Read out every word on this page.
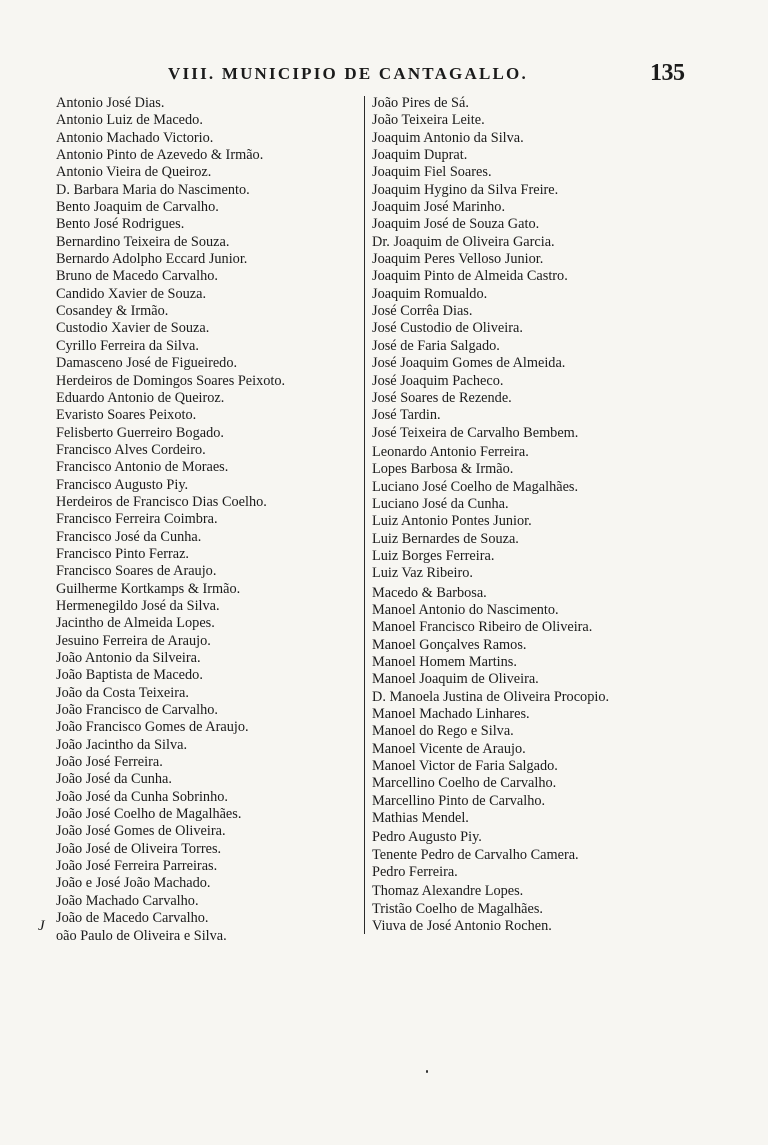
VIII. MUNICIPIO DE CANTAGALLO.	135
Antonio José Dias.
Antonio Luiz de Macedo.
Antonio Machado Victorio.
Antonio Pinto de Azevedo & Irmão.
Antonio Vieira de Queiroz.
D. Barbara Maria do Nascimento.
Bento Joaquim de Carvalho.
Bento José Rodrigues.
Bernardino Teixeira de Souza.
Bernardo Adolpho Eccard Junior.
Bruno de Macedo Carvalho.
Candido Xavier de Souza.
Cosandey & Irmão.
Custodio Xavier de Souza.
Cyrillo Ferreira da Silva.
Damasceno José de Figueiredo.
Herdeiros de Domingos Soares Peixoto.
Eduardo Antonio de Queiroz.
Evaristo Soares Peixoto.
Felisberto Guerreiro Bogado.
Francisco Alves Cordeiro.
Francisco Antonio de Moraes.
Francisco Augusto Piy.
Herdeiros de Francisco Dias Coelho.
Francisco Ferreira Coimbra.
Francisco José da Cunha.
Francisco Pinto Ferraz.
Francisco Soares de Araujo.
Guilherme Kortkamps & Irmão.
Hermenegildo José da Silva.
Jacintho de Almeida Lopes.
Jesuino Ferreira de Araujo.
João Antonio da Silveira.
João Baptista de Macedo.
João da Costa Teixeira.
João Francisco de Carvalho.
João Francisco Gomes de Araujo.
João Jacintho da Silva.
João José Ferreira.
João José da Cunha.
João José da Cunha Sobrinho.
João José Coelho de Magalhães.
João José Gomes de Oliveira.
João José de Oliveira Torres.
João José Ferreira Parreiras.
João e José João Machado.
João Machado Carvalho.
João de Macedo Carvalho.
oão Paulo de Oliveira e Silva.
João Pires de Sá.
João Teixeira Leite.
Joaquim Antonio da Silva.
Joaquim Duprat.
Joaquim Fiel Soares.
Joaquim Hygino da Silva Freire.
Joaquim José Marinho.
Joaquim José de Souza Gato.
Dr. Joaquim de Oliveira Garcia.
Joaquim Peres Velloso Junior.
Joaquim Pinto de Almeida Castro.
Joaquim Romualdo.
José Corrêa Dias.
José Custodio de Oliveira.
José de Faria Salgado.
José Joaquim Gomes de Almeida.
José Joaquim Pacheco.
José Soares de Rezende.
José Tardin.
José Teixeira de Carvalho Bembem.
Leonardo Antonio Ferreira.
Lopes Barbosa & Irmão.
Luciano José Coelho de Magalhães.
Luciano José da Cunha.
Luiz Antonio Pontes Junior.
Luiz Bernardes de Souza.
Luiz Borges Ferreira.
Luiz Vaz Ribeiro.
Macedo & Barbosa.
Manoel Antonio do Nascimento.
Manoel Francisco Ribeiro de Oliveira.
Manoel Gonçalves Ramos.
Manoel Homem Martins.
Manoel Joaquim de Oliveira.
D. Manoela Justina de Oliveira Procopio.
Manoel Machado Linhares.
Manoel do Rego e Silva.
Manoel Vicente de Araujo.
Manoel Victor de Faria Salgado.
Marcellino Coelho de Carvalho.
Marcellino Pinto de Carvalho.
Mathias Mendel.
Pedro Augusto Piy.
Tenente Pedro de Carvalho Camera.
Pedro Ferreira.
Thomaz Alexandre Lopes.
Tristão Coelho de Magalhães.
Viuva de José Antonio Rochen.
J
